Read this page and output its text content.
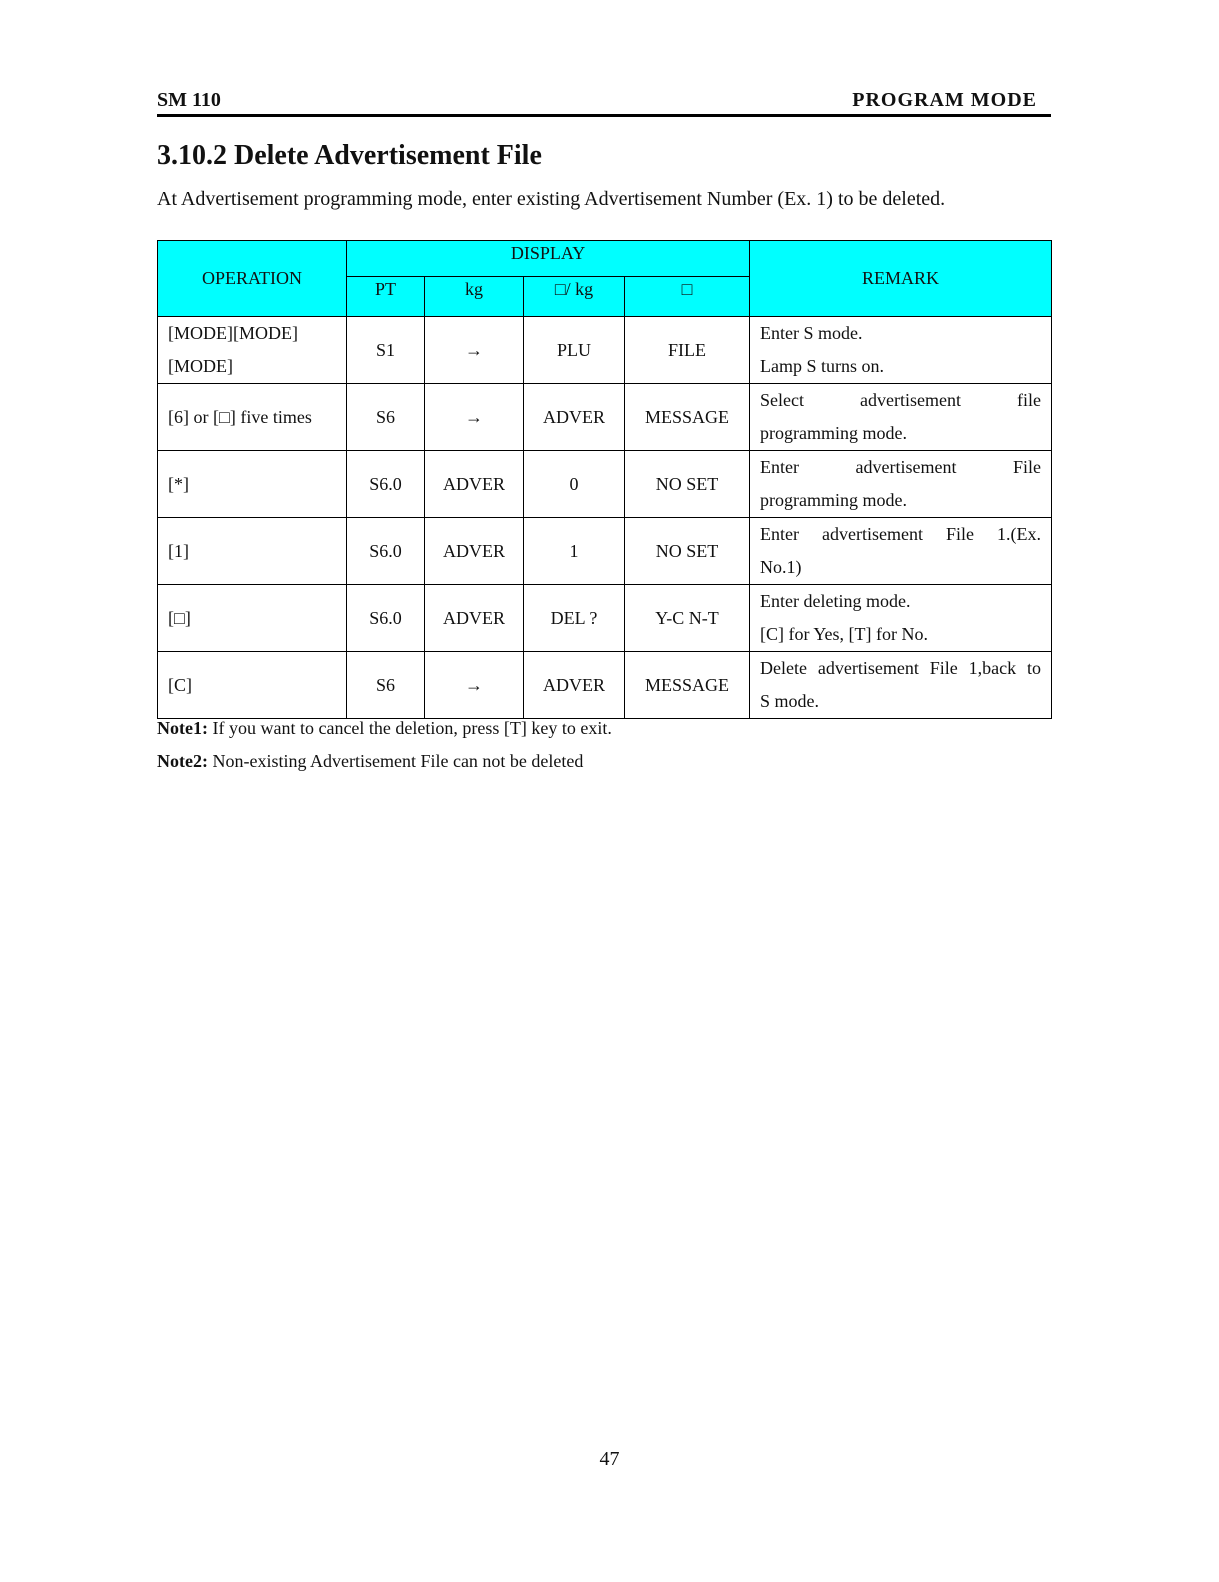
SM 110	PROGRAM MODE
3.10.2 Delete Advertisement File
At Advertisement programming mode, enter existing Advertisement Number (Ex. 1) to be deleted.
OPERATION	DISPLAY				REMARK
	PT	kg	□/ kg	□	

[MODE][MODE]
[MODE]	S1	→	PLU	FILE	Enter S mode.
Lamp S turns on.

[6] or [□] five times	S6	→	ADVER	MESSAGE	Select advertisement file
programming mode.

[*]	S6.0	ADVER	0	NO SET	Enter advertisement File
programming mode.

[1]	S6.0	ADVER	1	NO SET	Enter advertisement File 1.(Ex.
No.1)

[□]	S6.0	ADVER	DEL ?	Y-C N-T	Enter deleting mode.
[C] for Yes, [T] for No.

[C]	S6	→	ADVER	MESSAGE	Delete advertisement File 1,back to
S mode.
Note1: If you want to cancel the deletion, press [T] key to exit.
Note2: Non-existing Advertisement File can not be deleted
47
